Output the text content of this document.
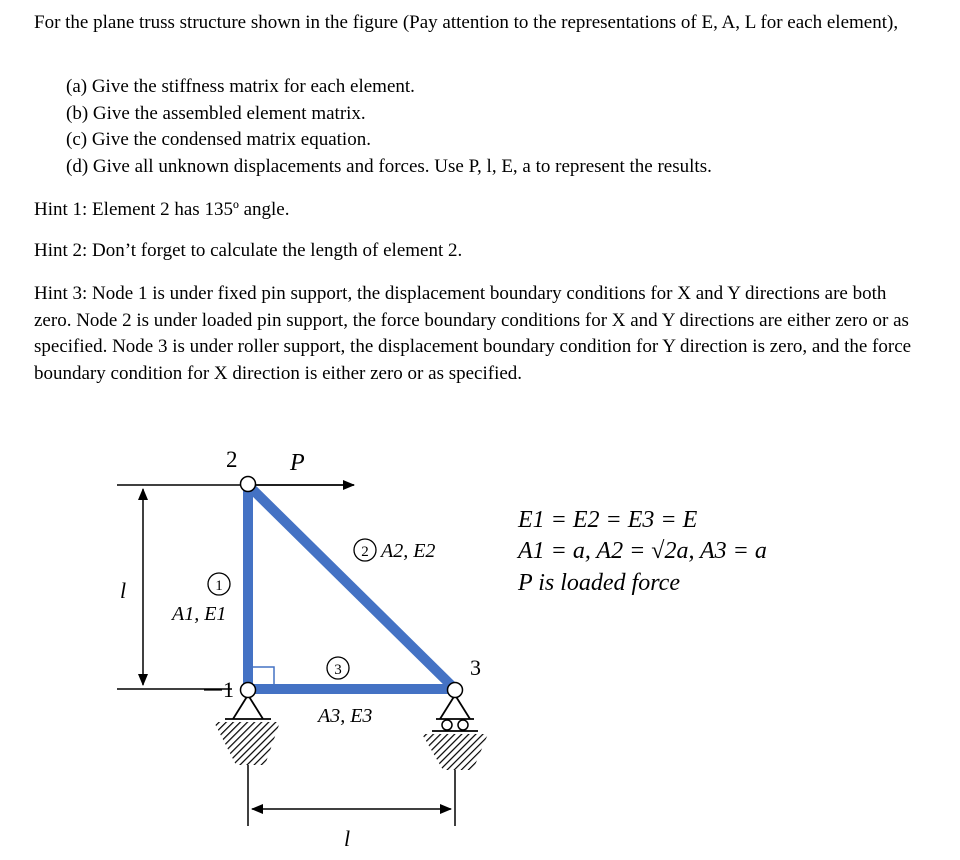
For the plane truss structure shown in the figure (Pay attention to the representations of E, A, L for each element),
(a) Give the stiffness matrix for each element.
(b) Give the assembled element matrix.
(c) Give the condensed matrix equation.
(d) Give all unknown displacements and forces. Use P, l, E, a to represent the results.
Hint 1: Element 2 has 135º angle.
Hint 2: Don’t forget to calculate the length of element 2.
Hint 3: Node 1 is under fixed pin support, the displacement boundary conditions for X and Y directions are both zero. Node 2 is under loaded pin support, the force boundary conditions for X and Y directions are either zero or as specified. Node 3 is under roller support, the displacement boundary condition for Y direction is zero, and the force boundary condition for X direction is either zero or as specified.
l
P
2
1
3
1
A1, E1
2 A2, E2
3
A3, E3
l
E1 = E2 = E3 = E
A1 = a, A2 = √2a, A3 = a
P is loaded force
